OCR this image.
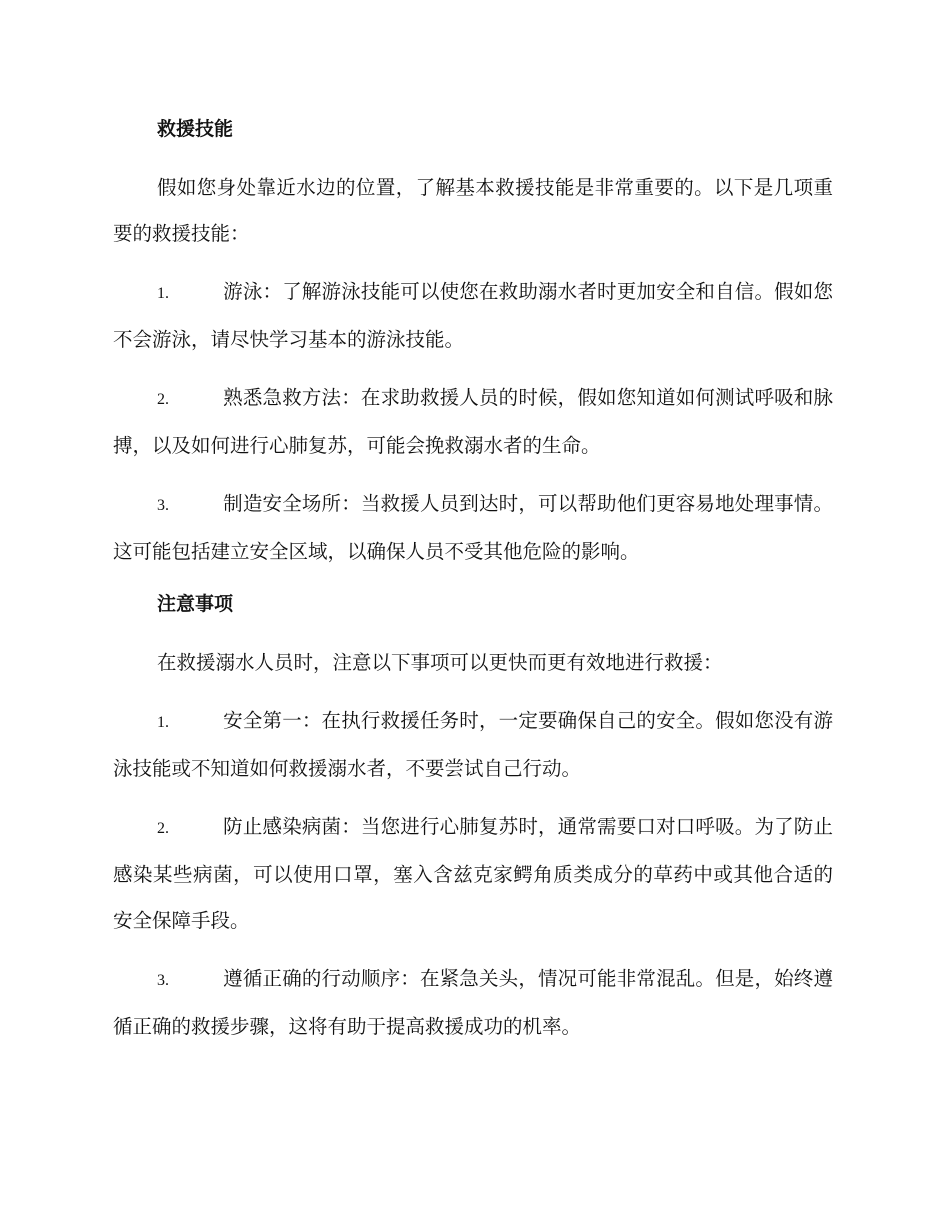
救援技能

假如您身处靠近水边的位置，了解基本救援技能是非常重要的。以下是几项重要的救援技能：

1.	游泳：了解游泳技能可以使您在救助溺水者时更加安全和自信。假如您不会游泳，请尽快学习基本的游泳技能。
2.	熟悉急救方法：在求助救援人员的时候，假如您知道如何测试呼吸和脉搏，以及如何进行心肺复苏，可能会挽救溺水者的生命。
3.	制造安全场所：当救援人员到达时，可以帮助他们更容易地处理事情。这可能包括建立安全区域，以确保人员不受其他危险的影响。
注意事项

在救援溺水人员时，注意以下事项可以更快而更有效地进行救援：

1.	安全第一：在执行救援任务时，一定要确保自己的安全。假如您没有游泳技能或不知道如何救援溺水者，不要尝试自己行动。
2.	防止感染病菌：当您进行心肺复苏时，通常需要口对口呼吸。为了防止感染某些病菌，可以使用口罩，塞入含兹克家鳄角质类成分的草药中或其他合适的安全保障手段。
3.	遵循正确的行动顺序：在紧急关头，情况可能非常混乱。但是，始终遵循正确的救援步骤，这将有助于提高救援成功的机率。
